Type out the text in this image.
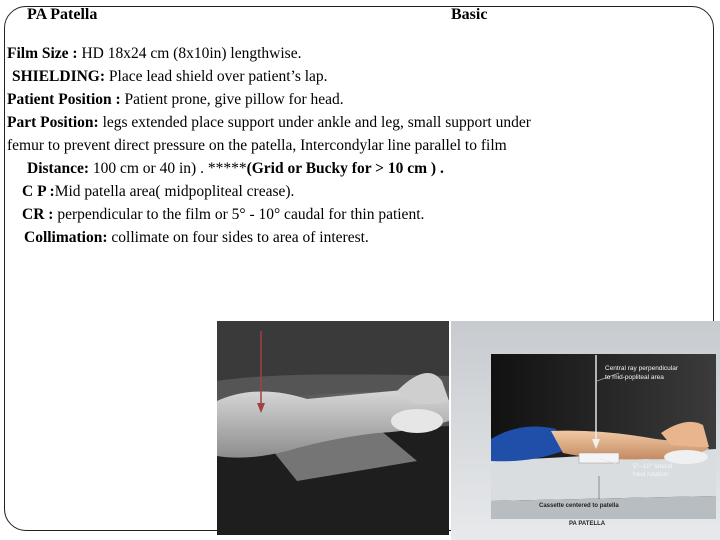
PA Patella	Basic

Film Size : HD 18x24 cm (8x10in) lengthwise.

SHIELDING: Place lead shield over patient’s lap.

Patient Position : Patient prone, give pillow for head.

Part Position: legs extended place support under ankle and leg, small support under femur to prevent direct pressure on the patella, Intercondylar line parallel to film

Distance: 100 cm or 40 in) . *****(Grid or Bucky for > 10 cm ) .

C P :Mid patella area( midpopliteal crease).

CR : perpendicular to the film or 5° - 10° caudal for thin patient.

Collimation: collimate on four sides to area of interest.

Central ray perpendicular
to mid-popliteal area
5°–10° lateral
heel rotation
Cassette centered to patella
PA PATELLA
